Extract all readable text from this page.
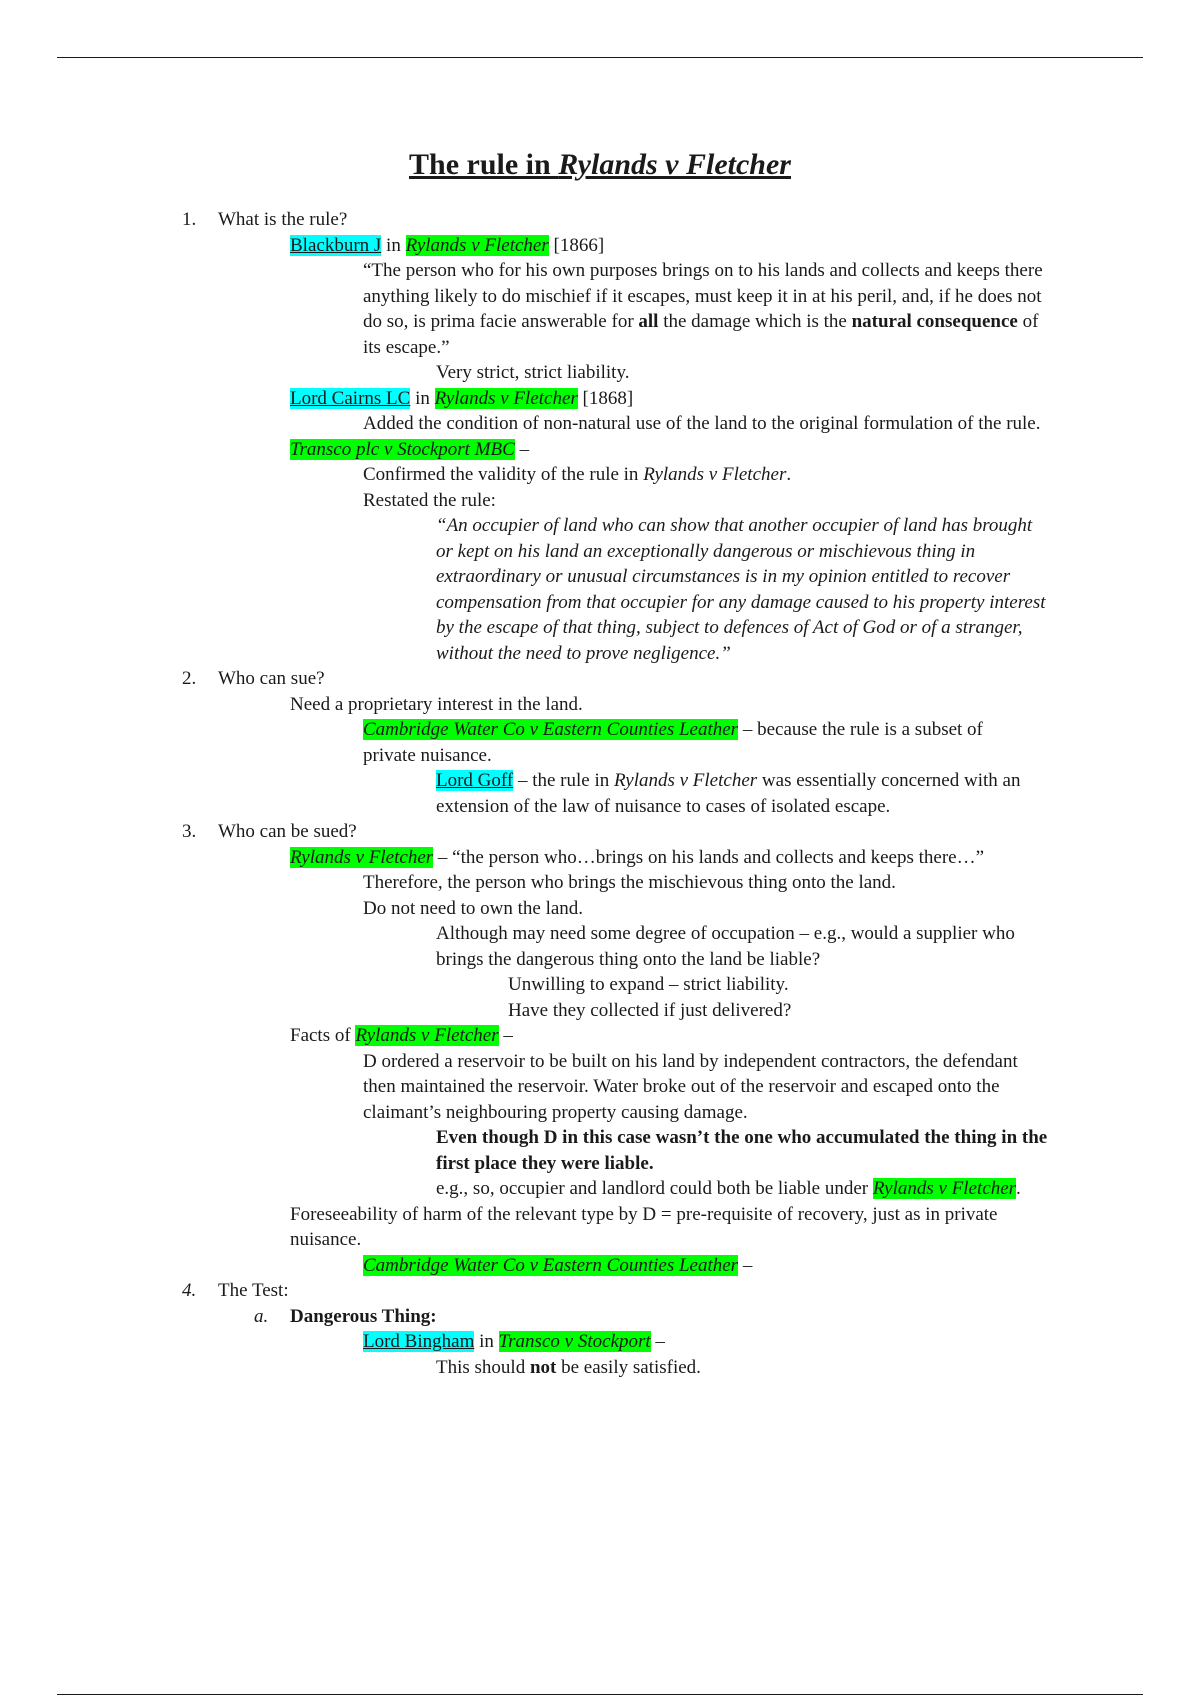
The rule in Rylands v Fletcher
1. What is the rule?
Blackburn J in Rylands v Fletcher [1866]
“The person who for his own purposes brings on to his lands and collects and keeps there anything likely to do mischief if it escapes, must keep it in at his peril, and, if he does not do so, is prima facie answerable for all the damage which is the natural consequence of its escape.”
Very strict, strict liability.
Lord Cairns LC in Rylands v Fletcher [1868]
Added the condition of non-natural use of the land to the original formulation of the rule.
Transco plc v Stockport MBC –
Confirmed the validity of the rule in Rylands v Fletcher.
Restated the rule:
“An occupier of land who can show that another occupier of land has brought or kept on his land an exceptionally dangerous or mischievous thing in extraordinary or unusual circumstances is in my opinion entitled to recover compensation from that occupier for any damage caused to his property interest by the escape of that thing, subject to defences of Act of God or of a stranger, without the need to prove negligence.”
2. Who can sue?
Need a proprietary interest in the land.
Cambridge Water Co v Eastern Counties Leather – because the rule is a subset of private nuisance.
Lord Goff – the rule in Rylands v Fletcher was essentially concerned with an extension of the law of nuisance to cases of isolated escape.
3. Who can be sued?
Rylands v Fletcher – “the person who…brings on his lands and collects and keeps there…”
Therefore, the person who brings the mischievous thing onto the land.
Do not need to own the land.
Although may need some degree of occupation – e.g., would a supplier who brings the dangerous thing onto the land be liable?
Unwilling to expand – strict liability.
Have they collected if just delivered?
Facts of Rylands v Fletcher –
D ordered a reservoir to be built on his land by independent contractors, the defendant then maintained the reservoir. Water broke out of the reservoir and escaped onto the claimant’s neighbouring property causing damage.
Even though D in this case wasn’t the one who accumulated the thing in the first place they were liable.
e.g., so, occupier and landlord could both be liable under Rylands v Fletcher.
Foreseeability of harm of the relevant type by D = pre-requisite of recovery, just as in private nuisance.
Cambridge Water Co v Eastern Counties Leather –
4. The Test:
a. Dangerous Thing:
Lord Bingham in Transco v Stockport –
This should not be easily satisfied.
